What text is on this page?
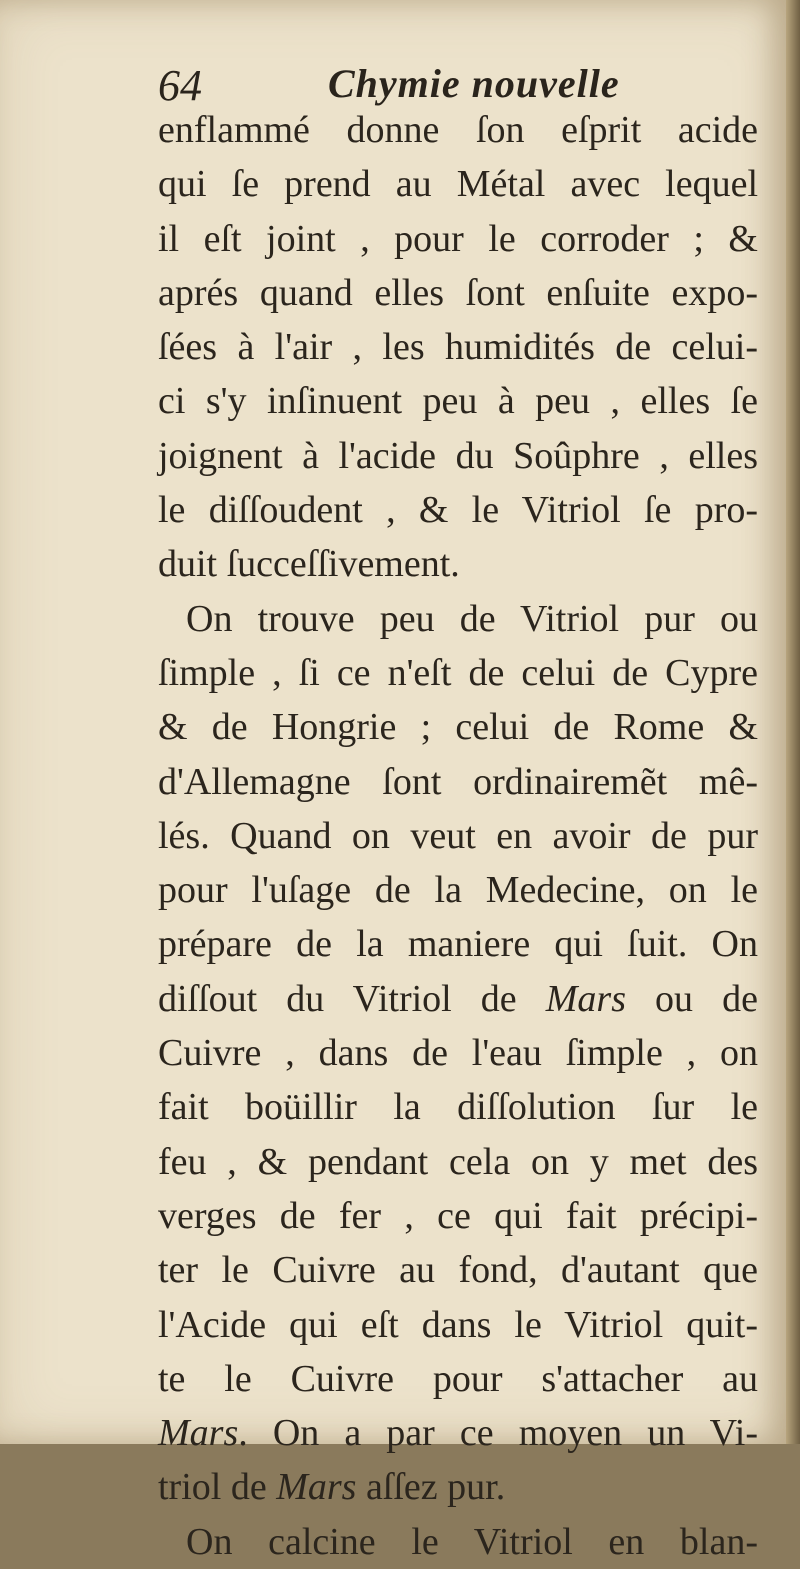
64	Chymie nouvelle
enflammé donne ſon eſprit acide
qui ſe prend au Métal avec lequel
il eſt joint , pour le corroder ; &
aprés quand elles ſont enſuite expo-
ſées à l'air , les humidités de celui-
ci s'y inſinuent peu à peu , elles ſe
joignent à l'acide du Soûphre , elles
le diſſoudent , & le Vitriol ſe pro-
duit ſucceſſivement.
On trouve peu de Vitriol pur ou
ſimple , ſi ce n'eſt de celui de Cypre
& de Hongrie ; celui de Rome &
d'Allemagne ſont ordinairemẽt mê-
lés. Quand on veut en avoir de pur
pour l'uſage de la Medecine, on le
prépare de la maniere qui ſuit. On
diſſout du Vitriol de Mars ou de
Cuivre , dans de l'eau ſimple , on
fait boüillir la diſſolution ſur le
feu , & pendant cela on y met des
verges de fer , ce qui fait précipi-
ter le Cuivre au fond, d'autant que
l'Acide qui eſt dans le Vitriol quit-
te le Cuivre pour s'attacher au
Mars. On a par ce moyen un Vi-
triol de Mars aſſez pur.
On calcine le Vitriol en blan-
